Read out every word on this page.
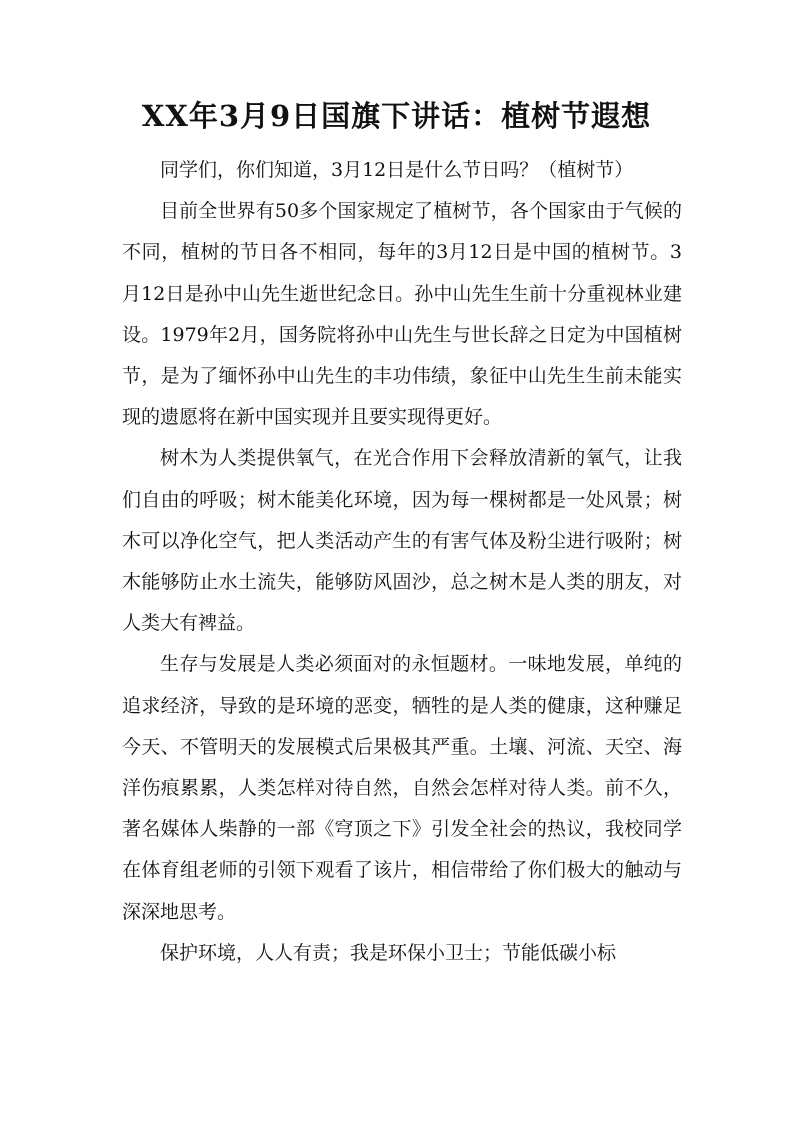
XX年3月9日国旗下讲话：植树节遐想

同学们，你们知道，3月12日是什么节日吗？（植树节）

目前全世界有50多个国家规定了植树节，各个国家由于气候的不同，植树的节日各不相同，每年的3月12日是中国的植树节。3月12日是孙中山先生逝世纪念日。孙中山先生生前十分重视林业建设。1979年2月，国务院将孙中山先生与世长辞之日定为中国植树节，是为了缅怀孙中山先生的丰功伟绩，象征中山先生生前未能实现的遗愿将在新中国实现并且要实现得更好。

树木为人类提供氧气，在光合作用下会释放清新的氧气，让我们自由的呼吸；树木能美化环境，因为每一棵树都是一处风景；树木可以净化空气，把人类活动产生的有害气体及粉尘进行吸附；树木能够防止水土流失，能够防风固沙，总之树木是人类的朋友，对人类大有裨益。

生存与发展是人类必须面对的永恒题材。一味地发展，单纯的追求经济，导致的是环境的恶变，牺牲的是人类的健康，这种赚足今天、不管明天的发展模式后果极其严重。土壤、河流、天空、海洋伤痕累累，人类怎样对待自然，自然会怎样对待人类。前不久，著名媒体人柴静的一部《穹顶之下》引发全社会的热议，我校同学在体育组老师的引领下观看了该片，相信带给了你们极大的触动与深深地思考。

保护环境，人人有责；我是环保小卫士；节能低碳小标
